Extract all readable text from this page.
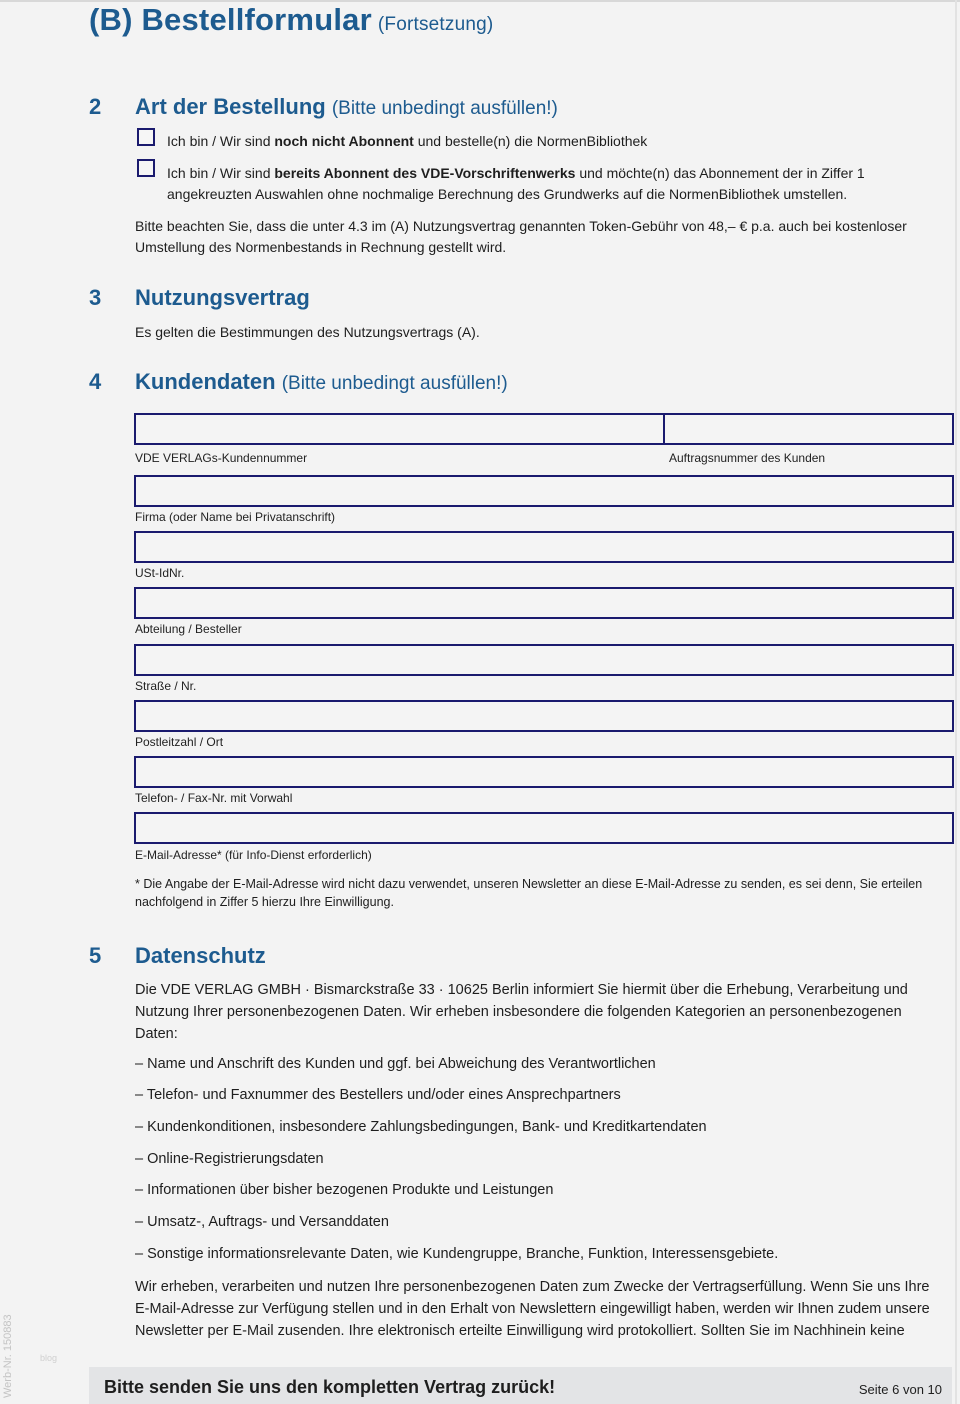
(B) Bestellformular (Fortsetzung)
2 Art der Bestellung (Bitte unbedingt ausfüllen!)
Ich bin / Wir sind noch nicht Abonnent und bestelle(n) die NormenBibliothek
Ich bin / Wir sind bereits Abonnent des VDE-Vorschriftenwerks und möchte(n) das Abonnement der in Ziffer 1
angekreuzten Auswahlen ohne nochmalige Berechnung des Grundwerks auf die NormenBibliothek umstellen.
Bitte beachten Sie, dass die unter 4.3 im (A) Nutzungsvertrag genannten Token-Gebühr von 48,– € p.a. auch bei kostenloser
Umstellung des Normenbestands in Rechnung gestellt wird.
3 Nutzungsvertrag
Es gelten die Bestimmungen des Nutzungsvertrags (A).
4 Kundendaten (Bitte unbedingt ausfüllen!)
VDE VERLAGs-Kundennummer	Auftragsnummer des Kunden
Firma (oder Name bei Privatanschrift)
USt-IdNr.
Abteilung / Besteller
Straße / Nr.
Postleitzahl / Ort
Telefon- / Fax-Nr. mit Vorwahl
E-Mail-Adresse* (für Info-Dienst erforderlich)
* Die Angabe der E-Mail-Adresse wird nicht dazu verwendet, unseren Newsletter an diese E-Mail-Adresse zu senden, es sei denn, Sie erteilen
nachfolgend in Ziffer 5 hierzu Ihre Einwilligung.
5 Datenschutz
Die VDE VERLAG GMBH · Bismarckstraße 33 · 10625 Berlin informiert Sie hiermit über die Erhebung, Verarbeitung und Nutzung Ihrer personenbezogenen Daten. Wir erheben insbesondere die folgenden Kategorien an personenbezogenen Daten:
– Name und Anschrift des Kunden und ggf. bei Abweichung des Verantwortlichen
– Telefon- und Faxnummer des Bestellers und/oder eines Ansprechpartners
– Kundenkonditionen, insbesondere Zahlungsbedingungen, Bank- und Kreditkartendaten
– Online-Registrierungsdaten
– Informationen über bisher bezogenen Produkte und Leistungen
– Umsatz-, Auftrags- und Versanddaten
– Sonstige informationsrelevante Daten, wie Kundengruppe, Branche, Funktion, Interessensgebiete.
Wir erheben, verarbeiten und nutzen Ihre personenbezogenen Daten zum Zwecke der Vertragserfüllung. Wenn Sie uns Ihre E-Mail-Adresse zur Verfügung stellen und in den Erhalt von Newslettern eingewilligt haben, werden wir Ihnen zudem unsere Newsletter per E-Mail zusenden. Ihre elektronisch erteilte Einwilligung wird protokolliert. Sollten Sie im Nachhinein keine
Werb-Nr. 150883	blog
Bitte senden Sie uns den kompletten Vertrag zurück!	Seite 6 von 10
